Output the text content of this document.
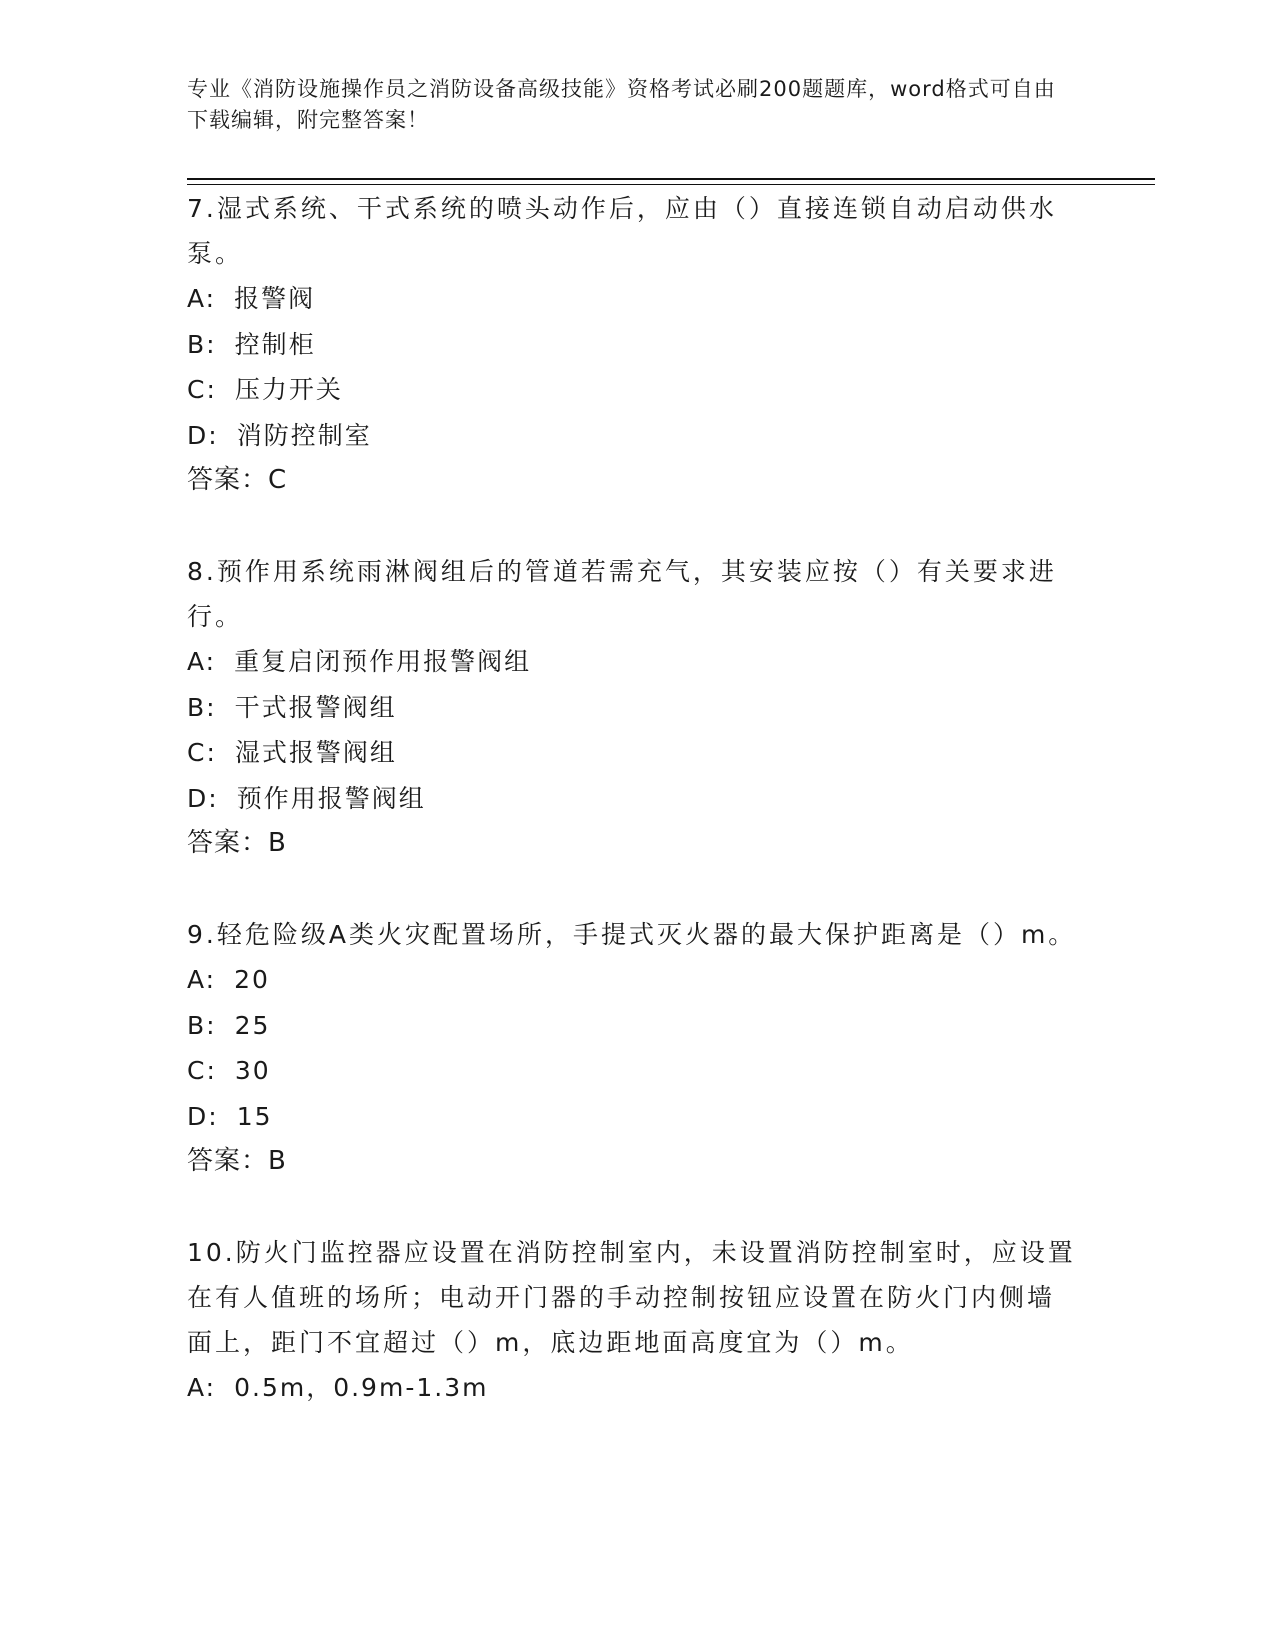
专业《消防设施操作员之消防设备高级技能》资格考试必刷200题题库，word格式可自由下载编辑，附完整答案！

7.湿式系统、干式系统的喷头动作后，应由（）直接连锁自动启动供水泵。

A: 报警阀

B: 控制柜

C: 压力开关

D: 消防控制室

答案：C

8.预作用系统雨淋阀组后的管道若需充气，其安装应按（）有关要求进行。

A: 重复启闭预作用报警阀组

B: 干式报警阀组

C: 湿式报警阀组

D: 预作用报警阀组

答案：B

9.轻危险级A类火灾配置场所，手提式灭火器的最大保护距离是（）m。

A: 20

B: 25

C: 30

D: 15

答案：B

10.防火门监控器应设置在消防控制室内，未设置消防控制室时，应设置在有人值班的场所；电动开门器的手动控制按钮应设置在防火门内侧墙面上，距门不宜超过（）m，底边距地面高度宜为（）m。

A: 0.5m，0.9m-1.3m
